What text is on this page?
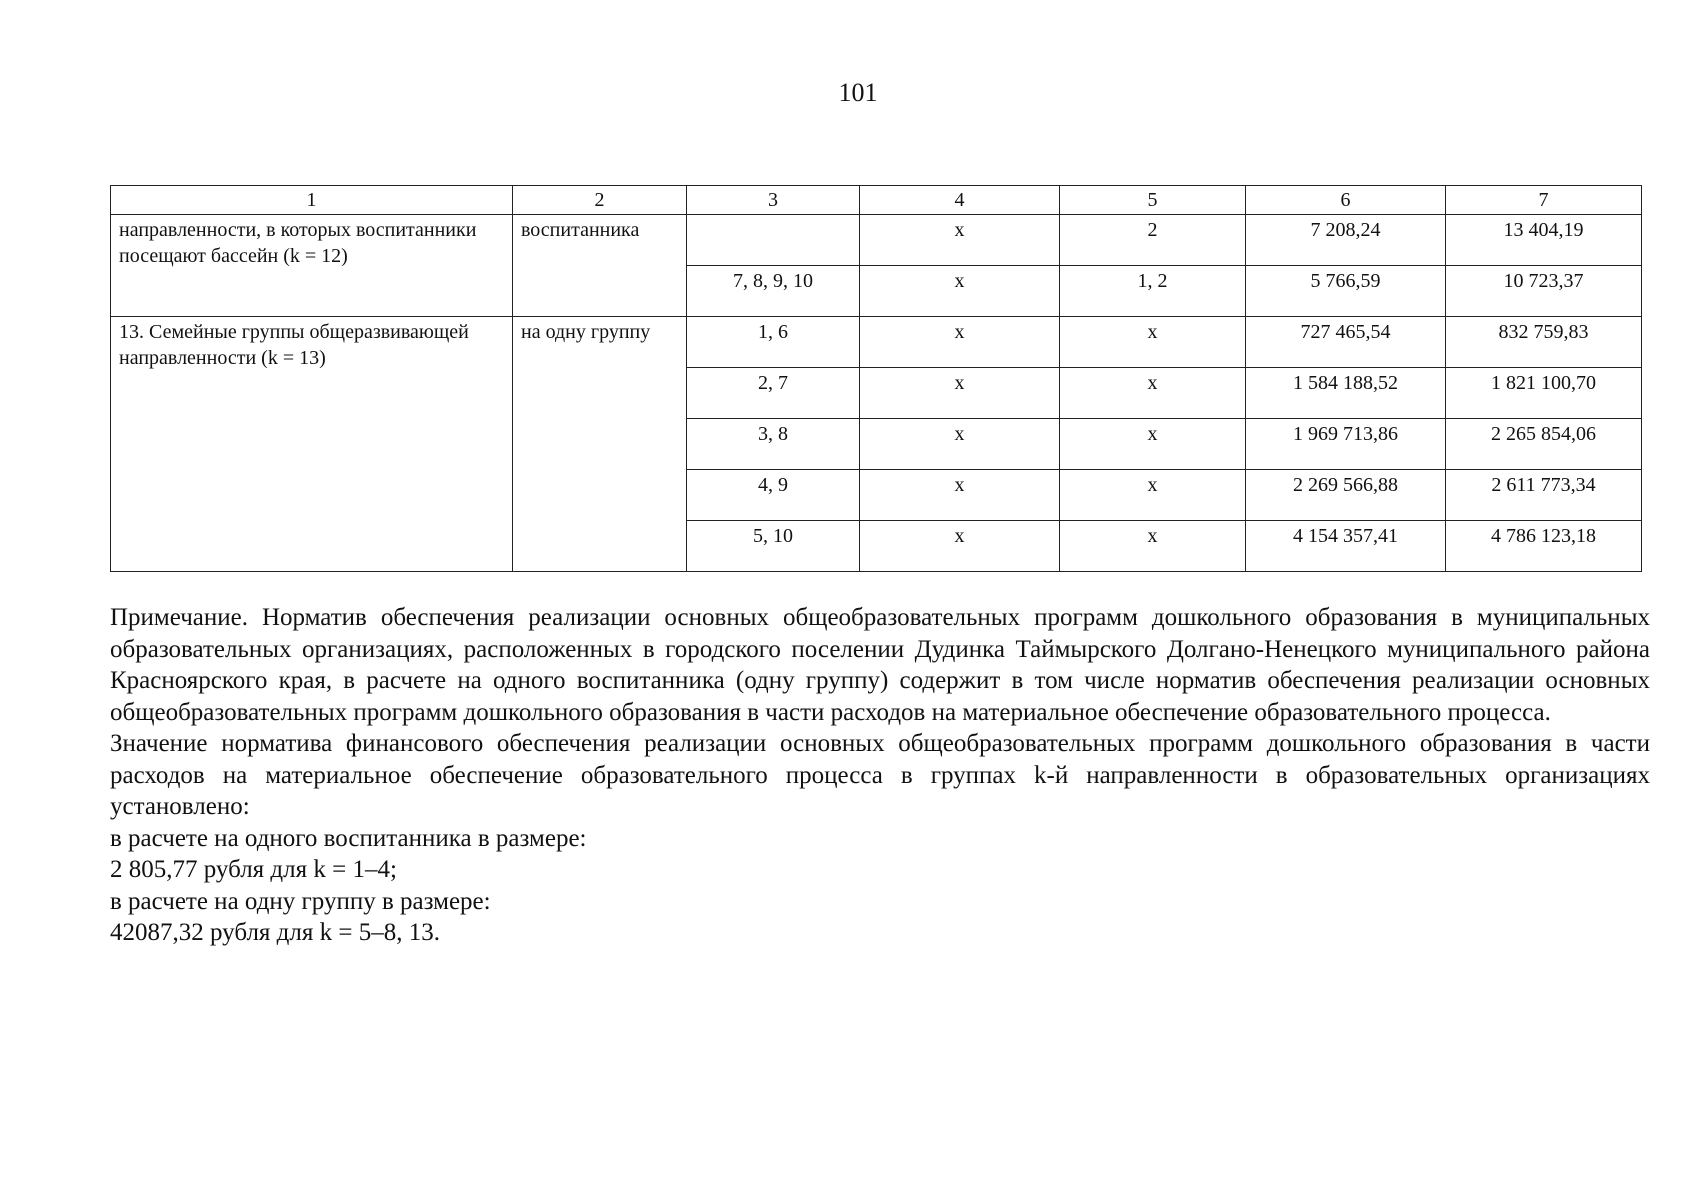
101
1	2	3	4	5	6	7
направленности, в которых воспитанники посещают бассейн (k = 12)	воспитанника		x	2	7 208,24	13 404,19
		7, 8, 9, 10	x	1, 2	5 766,59	10 723,37
13. Семейные группы общеразвивающей направленности (k = 13)	на одну группу	1, 6	x	x	727 465,54	832 759,83
		2, 7	x	x	1 584 188,52	1 821 100,70
		3, 8	x	x	1 969 713,86	2 265 854,06
		4, 9	x	x	2 269 566,88	2 611 773,34
		5, 10	x	x	4 154 357,41	4 786 123,18

Примечание. Норматив обеспечения реализации основных общеобразовательных программ дошкольного образования в муниципальных образовательных организациях, расположенных в городского поселении Дудинка Таймырского Долгано-Ненецкого муниципального района Красноярского края, в расчете на одного воспитанника (одну группу) содержит в том числе норматив обеспечения реализации основных общеобразовательных программ дошкольного образования в части расходов на материальное обеспечение образовательного процесса.

Значение норматива финансового обеспечения реализации основных общеобразовательных программ дошкольного образования в части расходов на материальное обеспечение образовательного процесса в группах k-й направленности в образовательных организациях установлено:

в расчете на одного воспитанника в размере:

2 805,77 рубля для k = 1–4;

в расчете на одну группу в размере:

42087,32 рубля для k = 5–8, 13.
